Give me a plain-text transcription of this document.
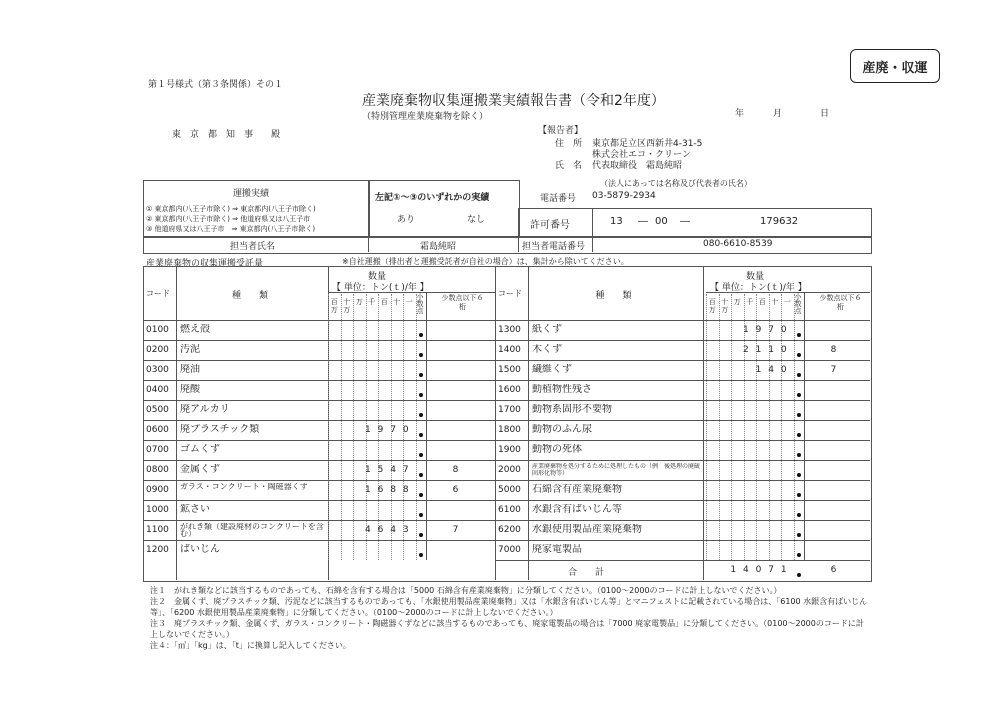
産廃・収運
第１号様式（第３条関係）その１
産業廃棄物収集運搬業実績報告書（令和2年度）
（特別管理産業廃棄物を除く）	年	月	日
東　京　都　知　事　　殿	【報告者】
住　所 東京都足立区西新井4-31-5
株式会社エコ・クリーン
氏　名 代表取締役　霜島純昭
（法人にあっては名称及び代表者の氏名）
電話番号 03-5879-2934
運搬実績
① 東京都内(八王子市除く) ⇒ 東京都内(八王子市除く)
② 東京都内(八王子市除く) ⇒ 他道府県又は八王子市
③ 他道府県又は八王子市　⇒ 東京都内(八王子市除く)
左記①～③のいずれかの実績
あり	なし	許可番号	13 ― 00 ―	179632
担当者氏名	霜島純昭	担当者電話番号	080-6610-8539
産業廃棄物の収集運搬受託量	※自社運搬（排出者と運搬受託者が自社の場合）は、集計から除いてください。
コード	種　　類
数量
【 単位：トン(ｔ)/年 】
少数点以下６桁
小数点
百万
十万
万 千 百 十 一
0100 燃え殻
0200 汚泥
0300 廃油
0400 廃酸
0500 廃アルカリ
0600 廃プラスチック類	1970
0700 ゴムくず
0800 金属くず	1547	8
0900 ガラス・コンクリート・陶磁器くず	1688	6
1000 鉱さい
1100 がれき類（建設廃材のコンクリートを含む）	4643	7
1200 ばいじん
コード	種　　類
数量
【 単位：トン(ｔ)/年 】
少数点以下６桁
小数点
百万
十万
万 千 百 十 一
1300 紙くず	1970
1400 木くず	2110	8
1500 繊維くず	140	7
1600 動植物性残さ
1700 動物系固形不要物
1800 動物のふん尿
1900 動物の死体
2000 産業廃棄物を処分するために処理したもの（例　後処理の廃硫固形化物等）
5000 石綿含有産業廃棄物
6100 水銀含有ばいじん等
6200 水銀使用製品産業廃棄物
7000 廃家電製品
合　　計	14071	6
注１　がれき類などに該当するものであっても、石綿を含有する場合は「5000 石綿含有産業廃棄物」に分類してください。（0100～2000のコードに計上しないでください。）
注２　金属くず、廃プラスチック類、汚泥などに該当するものであっても、「水銀使用製品産業廃棄物」又は「水銀含有ばいじん等」とマニフェストに記載されている場合は、「6100 水銀含有ばいじん等」、「6200 水銀使用製品産業廃棄物」に分類してください。（0100～2000のコードに計上しないでください。）
注３　廃プラスチック類、金属くず、ガラス・コンクリート・陶磁器くずなどに該当するものであっても、廃家電製品の場合は「7000 廃家電製品」に分類してください。（0100～2000のコードに計上しないでください。）
注４：「㎥」「kg」は、「t」に換算し記入してください。
